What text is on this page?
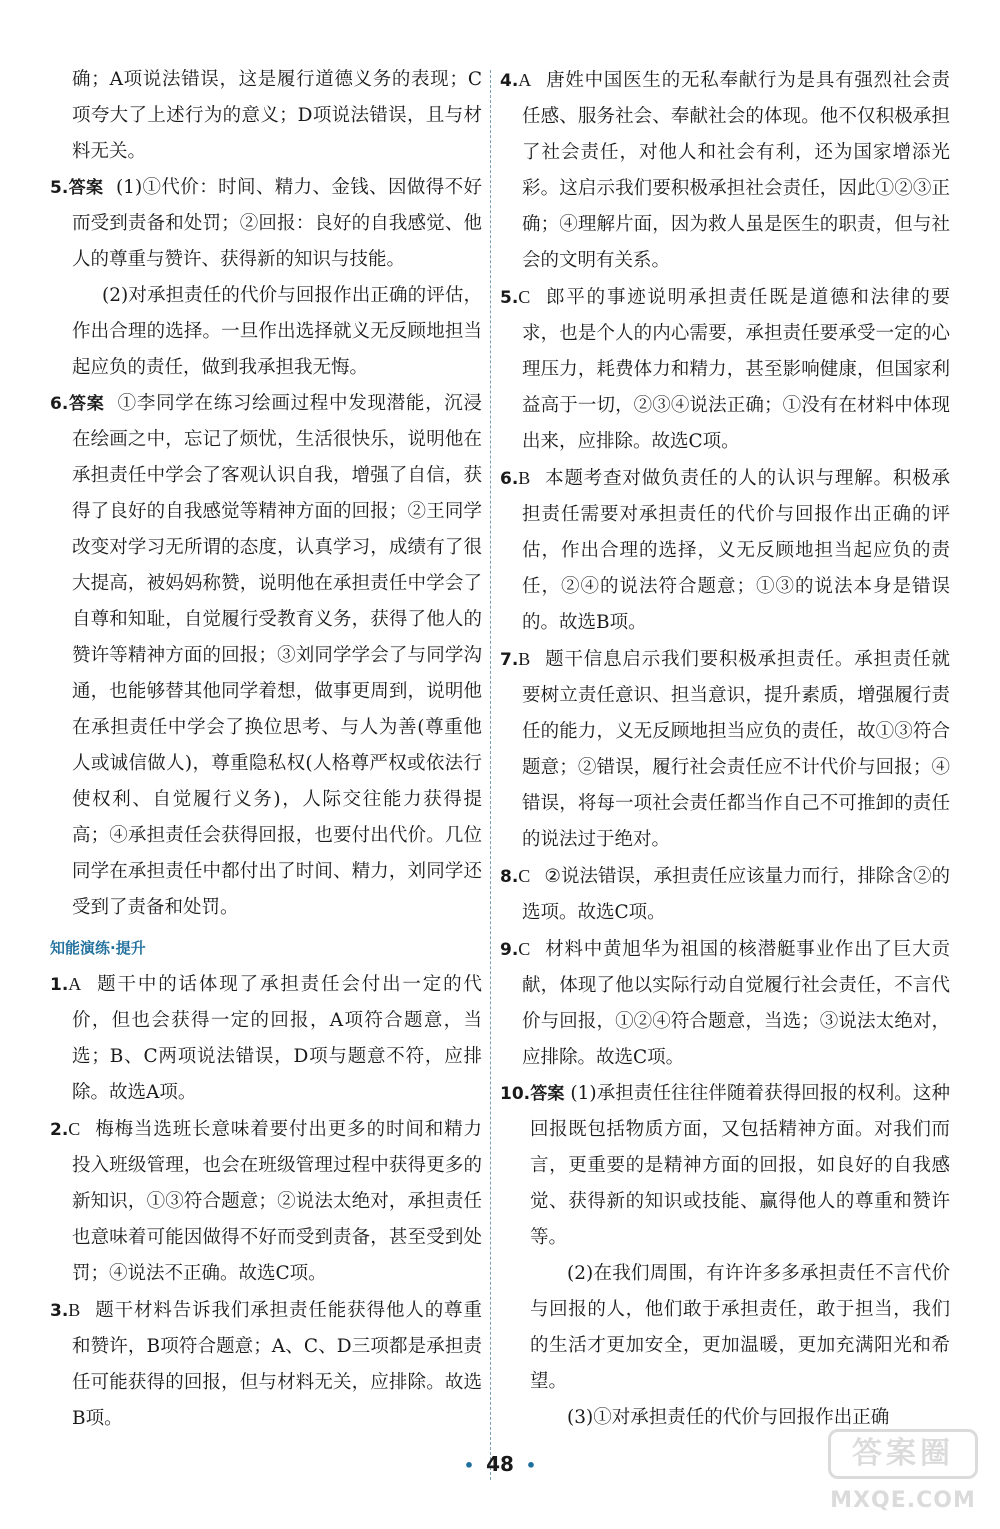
确；A项说法错误，这是履行道德义务的表现；C项夸大了上述行为的意义；D项说法错误，且与材料无关。

5.答案 (1)①代价：时间、精力、金钱、因做得不好而受到责备和处罚；②回报：良好的自我感觉、他人的尊重与赞许、获得新的知识与技能。

(2)对承担责任的代价与回报作出正确的评估，作出合理的选择。一旦作出选择就义无反顾地担当起应负的责任，做到我承担我无悔。

6.答案 ①李同学在练习绘画过程中发现潜能，沉浸在绘画之中，忘记了烦忧，生活很快乐，说明他在承担责任中学会了客观认识自我，增强了自信，获得了良好的自我感觉等精神方面的回报；②王同学改变对学习无所谓的态度，认真学习，成绩有了很大提高，被妈妈称赞，说明他在承担责任中学会了自尊和知耻，自觉履行受教育义务，获得了他人的赞许等精神方面的回报；③刘同学学会了与同学沟通，也能够替其他同学着想，做事更周到，说明他在承担责任中学会了换位思考、与人为善(尊重他人或诚信做人)，尊重隐私权(人格尊严权或依法行使权利、自觉履行义务)，人际交往能力获得提高；④承担责任会获得回报，也要付出代价。几位同学在承担责任中都付出了时间、精力，刘同学还受到了责备和处罚。

知能演练·提升

1.A 题干中的话体现了承担责任会付出一定的代价，但也会获得一定的回报，A项符合题意，当选；B、C两项说法错误，D项与题意不符，应排除。故选A项。

2.C 梅梅当选班长意味着要付出更多的时间和精力投入班级管理，也会在班级管理过程中获得更多的新知识，①③符合题意；②说法太绝对，承担责任也意味着可能因做得不好而受到责备，甚至受到处罚；④说法不正确。故选C项。

3.B 题干材料告诉我们承担责任能获得他人的尊重和赞许，B项符合题意；A、C、D三项都是承担责任可能获得的回报，但与材料无关，应排除。故选B项。

4.A 唐姓中国医生的无私奉献行为是具有强烈社会责任感、服务社会、奉献社会的体现。他不仅积极承担了社会责任，对他人和社会有利，还为国家增添光彩。这启示我们要积极承担社会责任，因此①②③正确；④理解片面，因为救人虽是医生的职责，但与社会的文明有关系。

5.C 郎平的事迹说明承担责任既是道德和法律的要求，也是个人的内心需要，承担责任要承受一定的心理压力，耗费体力和精力，甚至影响健康，但国家利益高于一切，②③④说法正确；①没有在材料中体现出来，应排除。故选C项。

6.B 本题考查对做负责任的人的认识与理解。积极承担责任需要对承担责任的代价与回报作出正确的评估，作出合理的选择，义无反顾地担当起应负的责任，②④的说法符合题意；①③的说法本身是错误的。故选B项。

7.B 题干信息启示我们要积极承担责任。承担责任就要树立责任意识、担当意识，提升素质，增强履行责任的能力，义无反顾地担当应负的责任，故①③符合题意；②错误，履行社会责任应不计代价与回报；④错误，将每一项社会责任都当作自己不可推卸的责任的说法过于绝对。

8.C ②说法错误，承担责任应该量力而行，排除含②的选项。故选C项。

9.C 材料中黄旭华为祖国的核潜艇事业作出了巨大贡献，体现了他以实际行动自觉履行社会责任，不言代价与回报，①②④符合题意，当选；③说法太绝对，应排除。故选C项。

10.答案 (1)承担责任往往伴随着获得回报的权利。这种回报既包括物质方面，又包括精神方面。对我们而言，更重要的是精神方面的回报，如良好的自我感觉、获得新的知识或技能、赢得他人的尊重和赞许等。

(2)在我们周围，有许许多多承担责任不言代价与回报的人，他们敢于承担责任，敢于担当，我们的生活才更加安全，更加温暖，更加充满阳光和希望。

(3)①对承担责任的代价与回报作出正确

• 48 •	答案圈
MXQE.COM
